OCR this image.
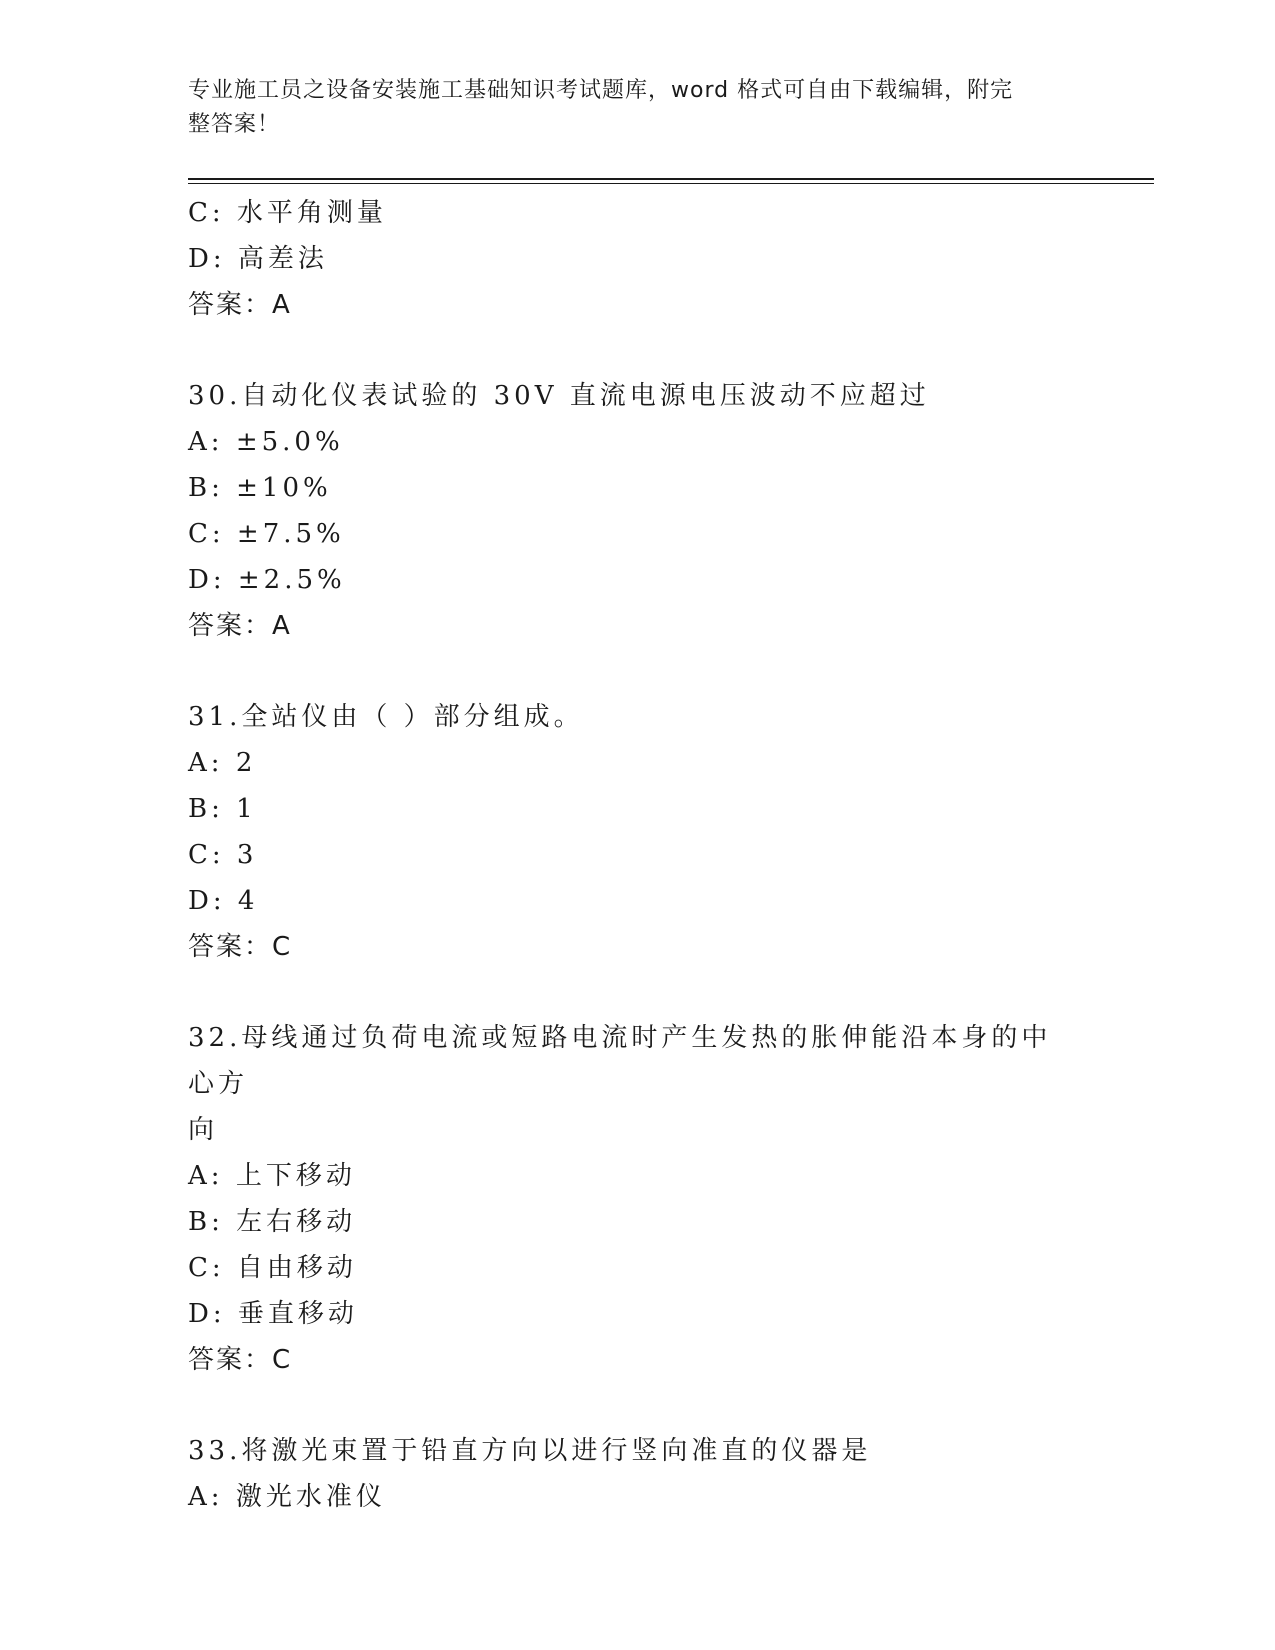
专业施工员之设备安装施工基础知识考试题库，word 格式可自由下载编辑，附完
整答案！
C: 水平角测量
D: 高差法
答案：A
30.自动化仪表试验的 30V 直流电源电压波动不应超过
A: ±5.0%
B: ±10%
C: ±7.5%
D: ±2.5%
答案：A
31.全站仪由（ ）部分组成。
A: 2
B: 1
C: 3
D: 4
答案：C
32.母线通过负荷电流或短路电流时产生发热的胀伸能沿本身的中心方
向
A: 上下移动
B: 左右移动
C: 自由移动
D: 垂直移动
答案：C
33.将激光束置于铅直方向以进行竖向准直的仪器是
A: 激光水准仪
